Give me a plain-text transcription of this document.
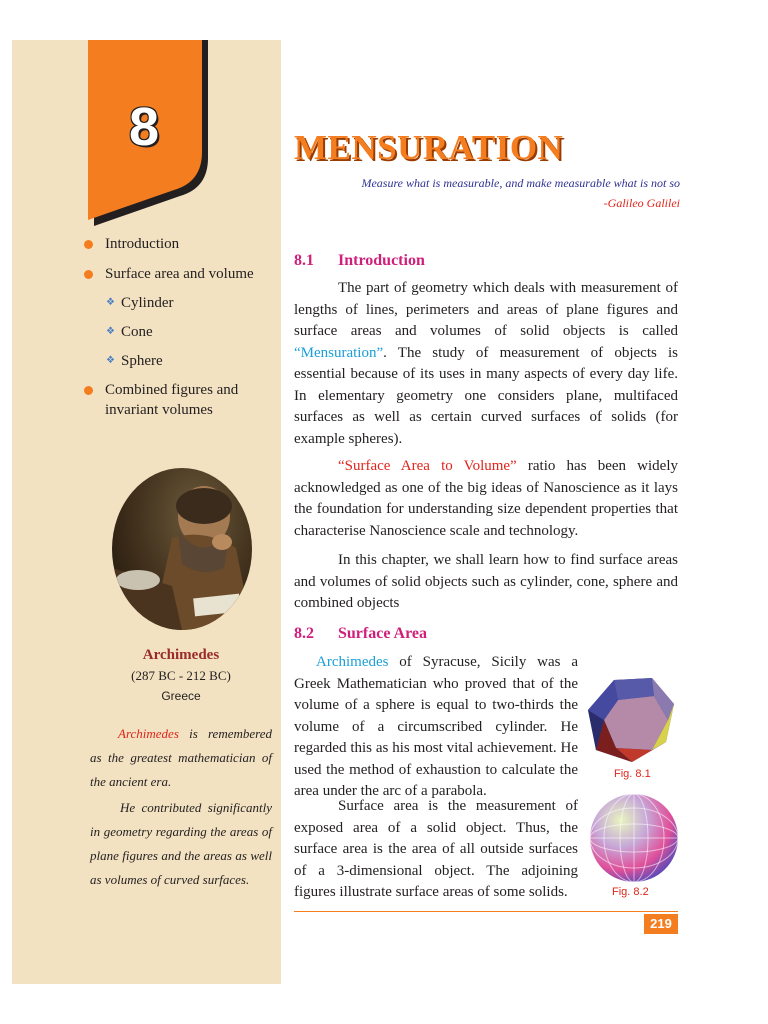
8
Introduction
Surface area and volume
❖ Cylinder
❖ Cone
❖ Sphere
Combined figures and invariant volumes
Archimedes
(287 BC - 212 BC)
Greece
Archimedes is remembered as the greatest mathematician of the ancient era.
He contributed significantly in geometry regarding the areas of plane figures and the areas as well as volumes of curved surfaces.
MENSURATION
Measure what is measurable, and make measurable what is not so
-Galileo Galilei
8.1 Introduction
The part of geometry which deals with measurement of lengths of lines, perimeters and areas of plane figures and surface areas and volumes of solid objects is called “Mensuration”. The study of measurement of objects is essential because of its uses in many aspects of every day life. In elementary geometry one considers plane, multifaced surfaces as well as certain curved surfaces of solids (for example spheres).
“Surface Area to Volume” ratio has been widely acknowledged as one of the big ideas of Nanoscience as it lays the foundation for understanding size dependent properties that characterise Nanoscience scale and technology.
In this chapter, we shall learn how to find surface areas and volumes of solid objects such as cylinder, cone, sphere and combined objects
8.2 Surface Area
Archimedes of Syracuse, Sicily was a Greek Mathematician who proved that of the volume of a sphere is equal to two-thirds the volume of a circumscribed cylinder. He regarded this as his most vital achievement. He used the method of exhaustion to calculate the area under the arc of a parabola.
Surface area is the measurement of exposed area of a solid object. Thus, the surface area is the area of all outside surfaces of a 3-dimensional object. The adjoining figures illustrate surface areas of some solids.
Fig. 8.1
Fig. 8.2
219
